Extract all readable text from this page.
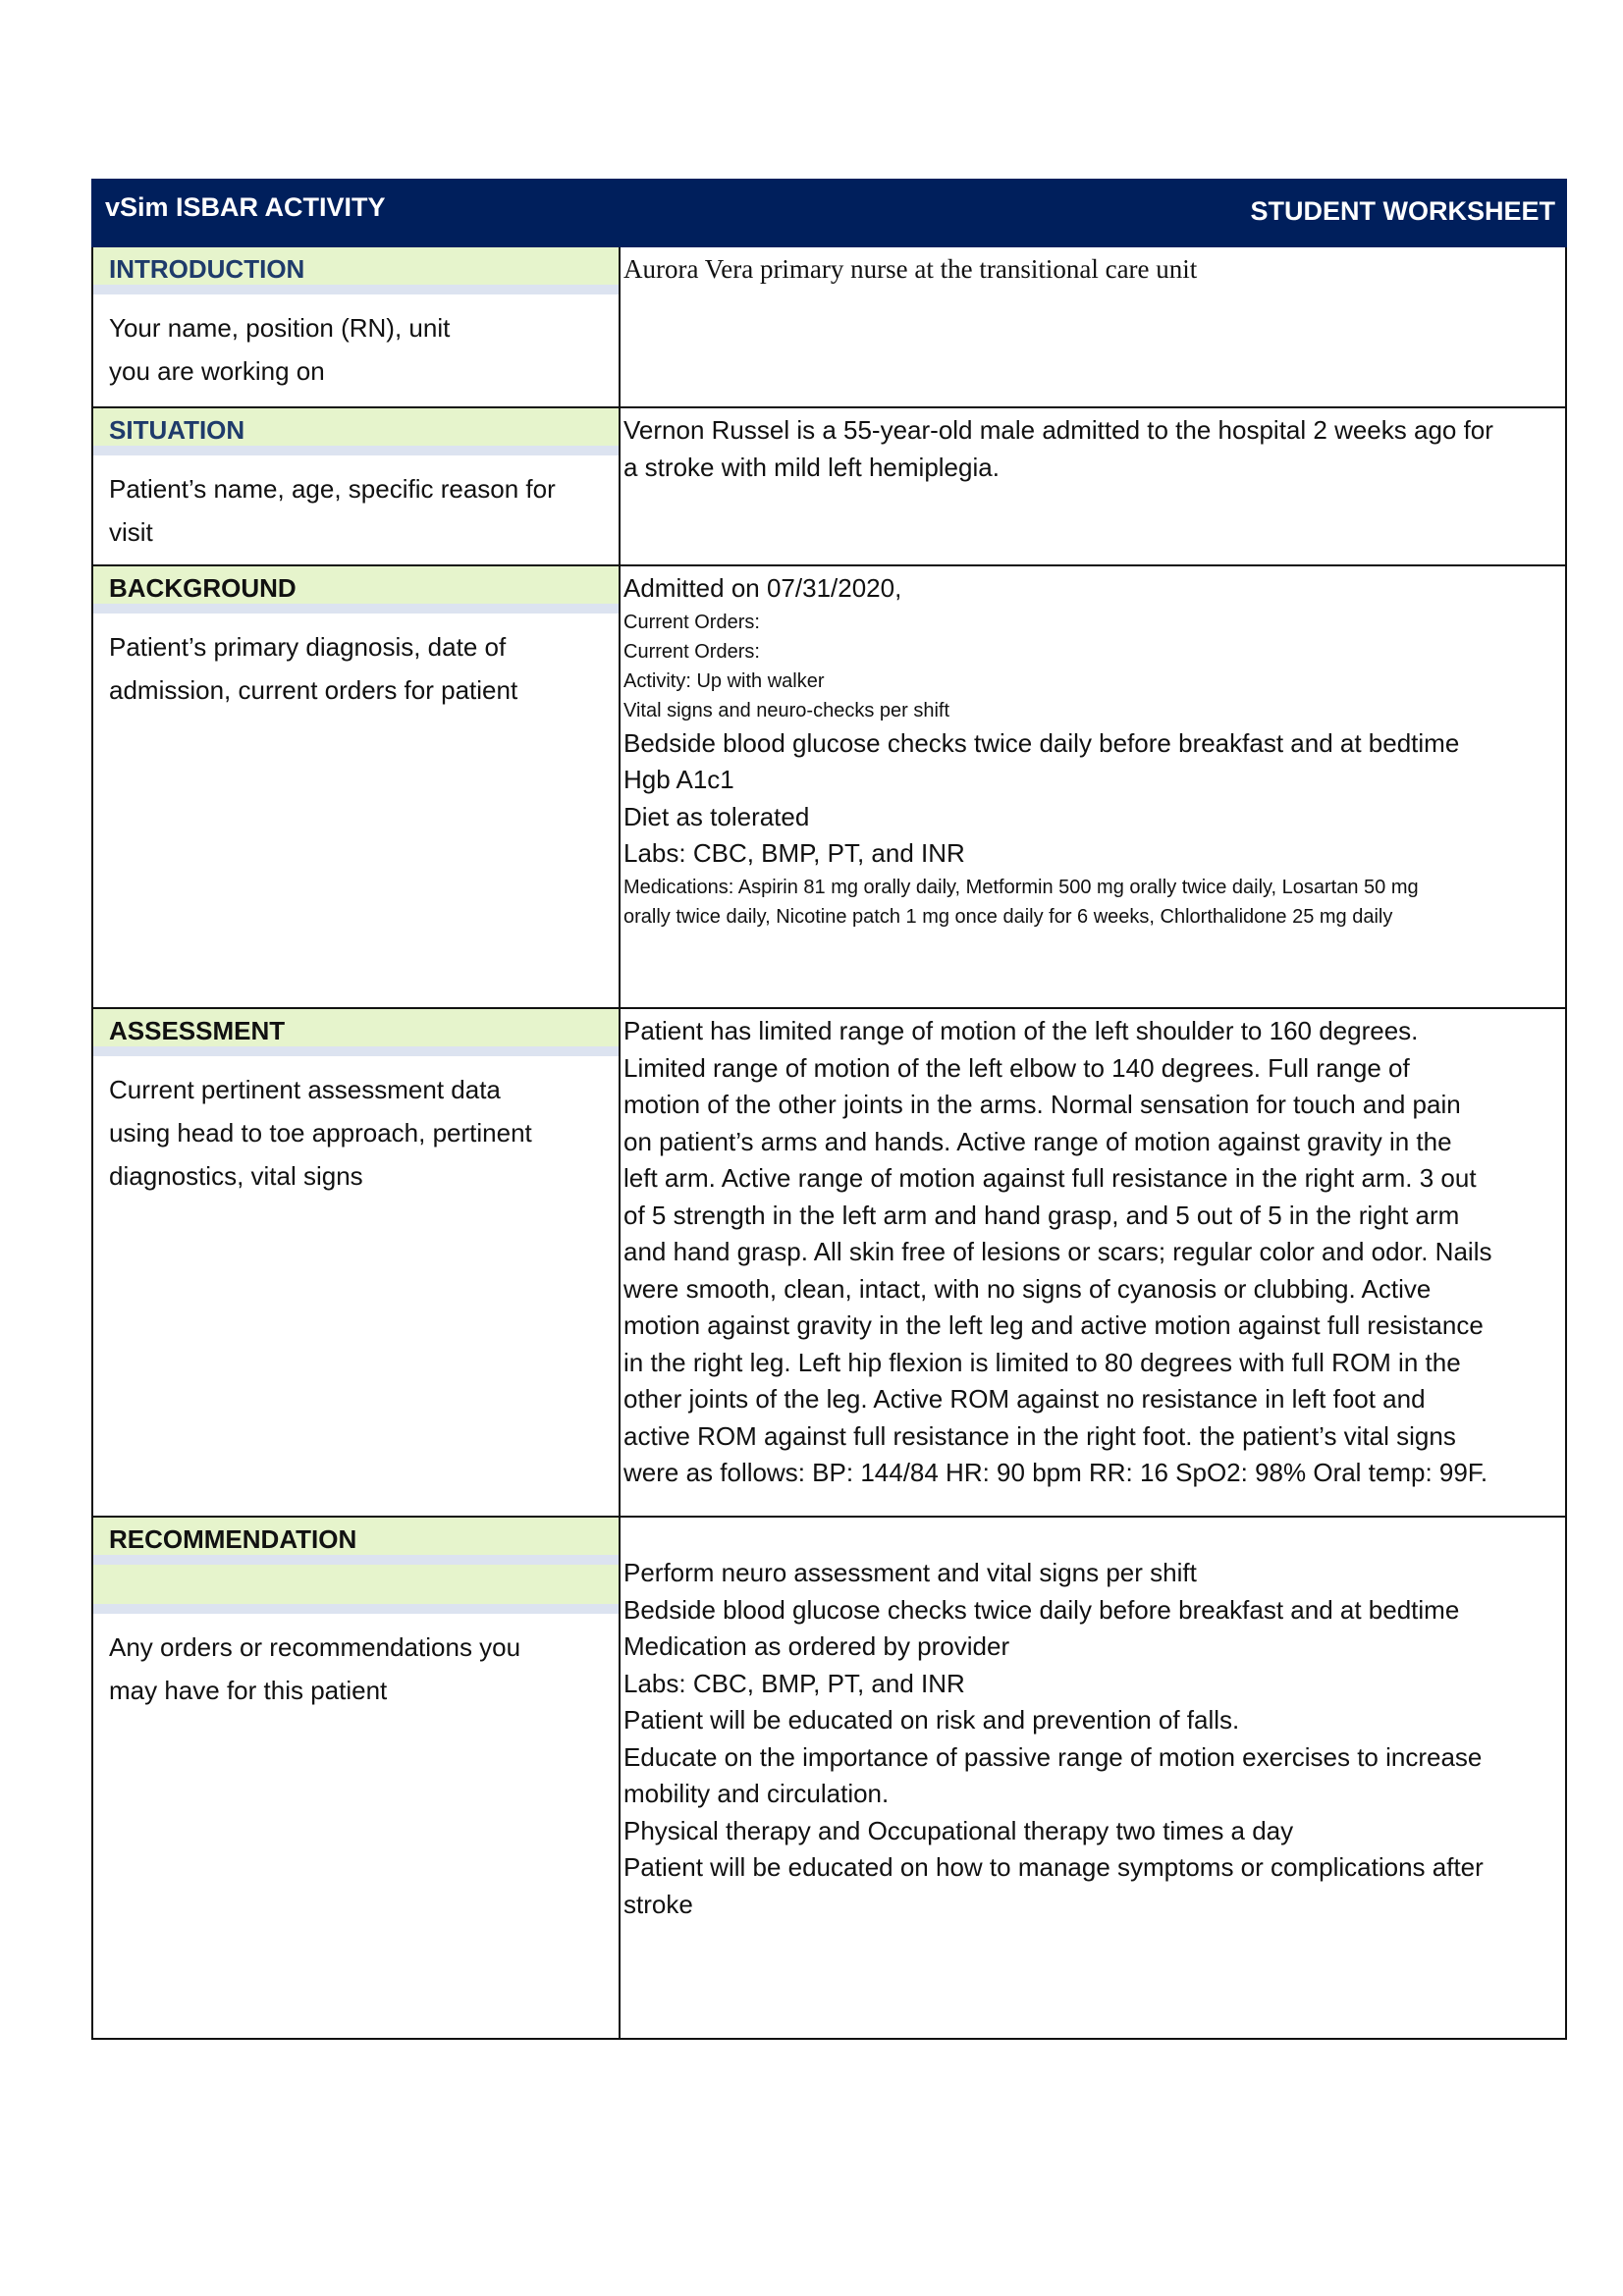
vSim ISBAR ACTIVITY	STUDENT WORKSHEET
INTRODUCTION
Your name, position (RN), unit
you are working on
Aurora Vera primary nurse at the transitional care unit
SITUATION
Patient’s name, age, specific reason for
visit
Vernon Russel is a 55-year-old male admitted to the hospital 2 weeks ago for
a stroke with mild left hemiplegia.
BACKGROUND
Patient’s primary diagnosis, date of
admission, current orders for patient
Admitted on 07/31/2020,
Current Orders:
Current Orders:
Activity: Up with walker
Vital signs and neuro-checks per shift
Bedside blood glucose checks twice daily before breakfast and at bedtime
Hgb A1c1
Diet as tolerated
Labs: CBC, BMP, PT, and INR
Medications: Aspirin 81 mg orally daily, Metformin 500 mg orally twice daily, Losartan 50 mg
orally twice daily, Nicotine patch 1 mg once daily for 6 weeks, Chlorthalidone 25 mg daily
ASSESSMENT
Current pertinent assessment data
using head to toe approach, pertinent
diagnostics, vital signs
Patient has limited range of motion of the left shoulder to 160 degrees.
Limited range of motion of the left elbow to 140 degrees. Full range of
motion of the other joints in the arms. Normal sensation for touch and pain
on patient’s arms and hands. Active range of motion against gravity in the
left arm. Active range of motion against full resistance in the right arm. 3 out
of 5 strength in the left arm and hand grasp, and 5 out of 5 in the right arm
and hand grasp. All skin free of lesions or scars; regular color and odor. Nails
were smooth, clean, intact, with no signs of cyanosis or clubbing. Active
motion against gravity in the left leg and active motion against full resistance
in the right leg. Left hip flexion is limited to 80 degrees with full ROM in the
other joints of the leg. Active ROM against no resistance in left foot and
active ROM against full resistance in the right foot. the patient’s vital signs
were as follows: BP: 144/84 HR: 90 bpm RR: 16 SpO2: 98% Oral temp: 99F.
RECOMMENDATION
Any orders or recommendations you
may have for this patient
Perform neuro assessment and vital signs per shift
Bedside blood glucose checks twice daily before breakfast and at bedtime
Medication as ordered by provider
Labs: CBC, BMP, PT, and INR
Patient will be educated on risk and prevention of falls.
Educate on the importance of passive range of motion exercises to increase
mobility and circulation.
Physical therapy and Occupational therapy two times a day
Patient will be educated on how to manage symptoms or complications after
stroke
